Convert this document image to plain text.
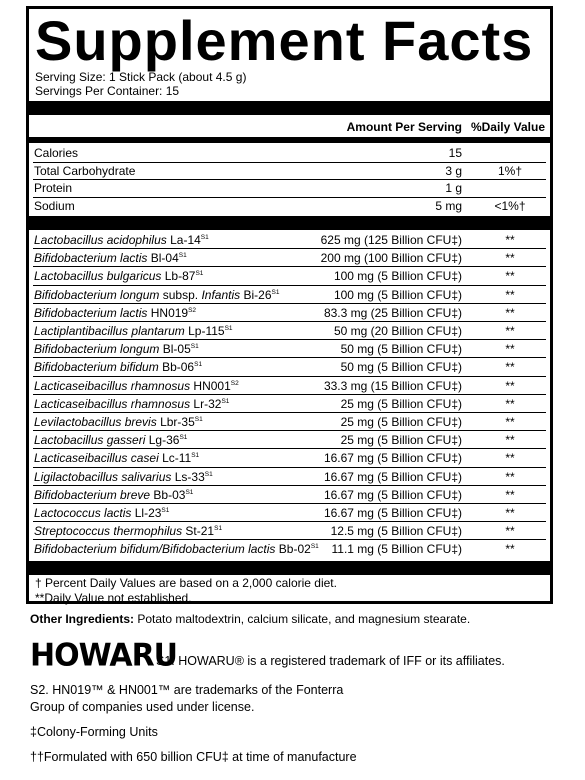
Supplement Facts
Serving Size: 1 Stick Pack (about 4.5 g)
Servings Per Container: 15
Amount Per Serving %Daily Value
Calories	15
Total Carbohydrate	3 g	1%†
Protein	1 g
Sodium	5 mg	<1%†
Lactobacillus acidophilus $La-14^{S1}$	625 mg (125 Billion CFU‡)	**
Bifidobacterium lactis $Bl-04^{S1}$	200 mg (100 Billion CFU‡)	**
Lactobacillus bulgaricus $Lb-87^{S1}$	100 mg (5 Billion CFU‡)	**
Bifidobacterium longum subsp. Infantis $Bi-26^{S1}$	100 mg (5 Billion CFU‡)	**
Bifidobacterium lactis $HN019^{S2}$	83.3 mg (25 Billion CFU‡)	**
Lactiplantibacillus plantarum $Lp-115^{S1}$	50 mg (20 Billion CFU‡)	**
Bifidobacterium longum $Bl-05^{S1}$	50 mg (5 Billion CFU‡)	**
Bifidobacterium bifidum $Bb-06^{S1}$	50 mg (5 Billion CFU‡)	**
Lacticaseibacillus rhamnosus $HN001^{S2}$	33.3 mg (15 Billion CFU‡)	**
Lacticaseibacillus rhamnosus $Lr-32^{S1}$	25 mg (5 Billion CFU‡)	**
Levilactobacillus brevis Lbr-$35^{S1}$	25 mg (5 Billion CFU‡)	**
Lactobacillus gasseri $Lg-36^{S1}$	25 mg (5 Billion CFU‡)	**
Lacticaseibacillus casei $Lc-11^{S1}$	16.67 mg (5 Billion CFU‡)	**
Ligilactobacillus salivarius $Ls-33^{S1}$	16.67 mg (5 Billion CFU‡)	**
Bifidobacterium breve $Bb-03^{S1}$	16.67 mg (5 Billion CFU‡)	**
Lactococcus lactis $Ll-23^{S1}$	16.67 mg (5 Billion CFU‡)	**
Streptococcus thermophilus $St-21^{S1}$	12.5 mg (5 Billion CFU‡)	**
Bifidobacterium bifidum/Bifidobacterium lactis $Bb-02^{S1}$ 11.1 mg (5 Billion CFU‡)	**
† Percent Daily Values are based on a 2,000 calorie diet.
**Daily Value not established.
Other Ingredients: Potato maltodextrin, calcium silicate, and magnesium stearate.
HOWARU
S1. HOWARU® is a registered trademark of IFF or its affiliates.
S2. HN019™ & HN001™ are trademarks of the Fonterra
Group of companies used under license.
‡Colony-Forming Units
††Formulated with 650 billion CFU‡ at time of manufacture
